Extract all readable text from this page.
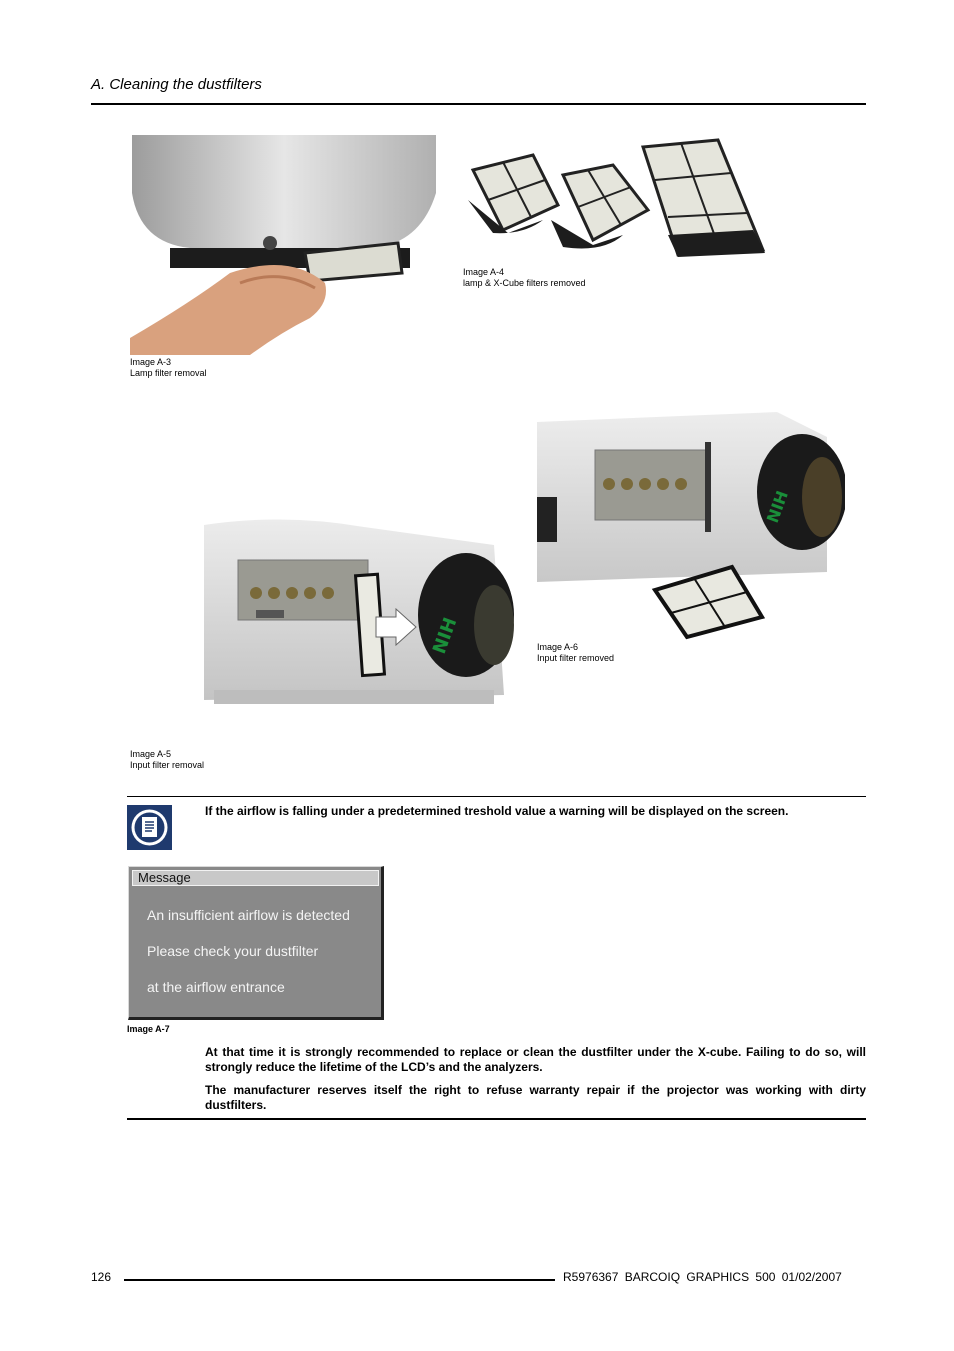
A. Cleaning the dustfilters
Image A-3
Lamp filter removal
Image A-4
lamp & X-Cube filters removed
NIH
Image A-5
Input filter removal
NIH
Image A-6
Input filter removed
If the airflow is falling under a predetermined treshold value a warning will be displayed on the screen.
Message
An insufficient airflow is detected
Please check your dustfilter
at the airflow entrance
Image A-7
At that time it is strongly recommended to replace or clean the dustfilter under the X-cube. Failing to do so, will strongly reduce the lifetime of the LCD’s and the analyzers.
The manufacturer reserves itself the right to refuse warranty repair if the projector was working with dirty dustfilters.
126	R5976367 BARCOIQ GRAPHICS 500 01/02/2007
